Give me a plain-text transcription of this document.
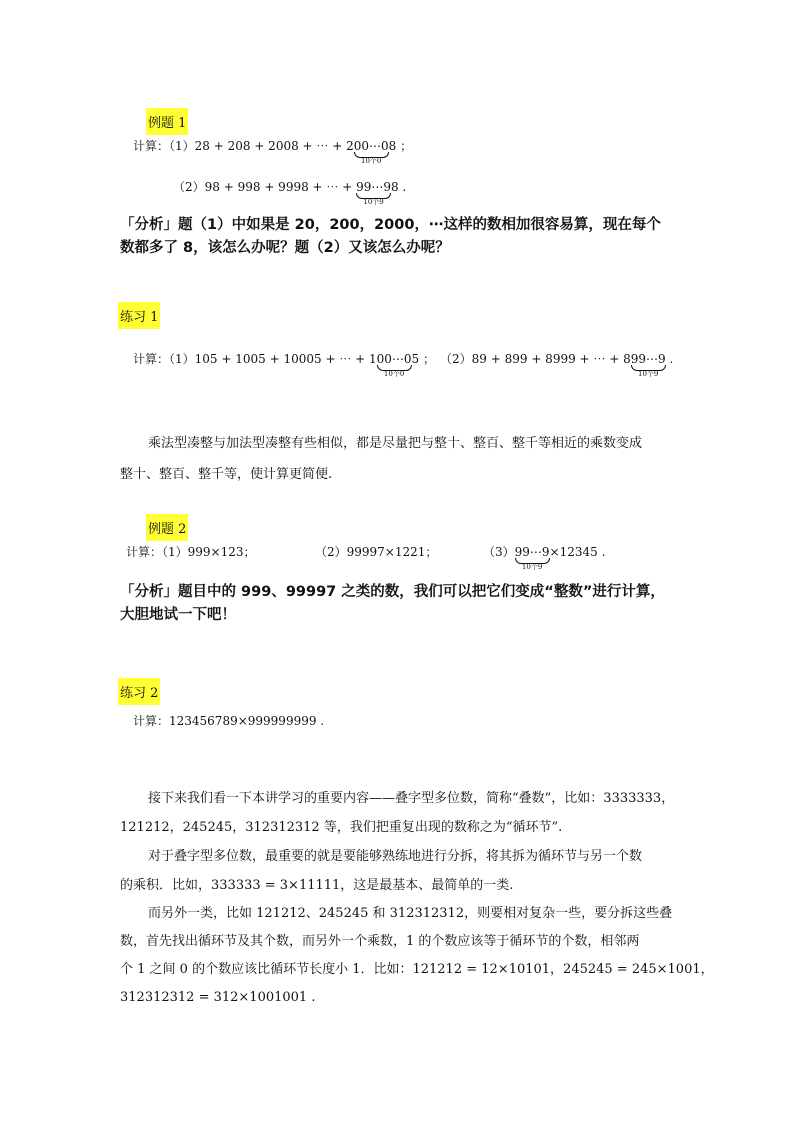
例题 1
计算：（1）28 + 208 + 2008 + ⋯ + 200⋯0
10个0
8 ；
（2）98 + 998 + 9998 + ⋯ + 99⋯9
10个9
8 .
「分析」题（1）中如果是 20，200，2000，⋯这样的数相加很容易算，现在每个
数都多了 8，该怎么办呢？题（2）又该怎么办呢？
练习 1
计算：（1）105 + 1005 + 10005 + ⋯ + 100⋯0
10个0
5 ； （2）89 + 899 + 8999 + ⋯ + 899⋯9
10个9
.
乘法型凑整与加法型凑整有些相似，都是尽量把与整十、整百、整千等相近的乘数变成
整十、整百、整千等，使计算更简便.
例题 2
计算：（1）999×123；	（2）99997×1221；	（3）99⋯9
10个9
×12345 .
「分析」题目中的 999、99997 之类的数，我们可以把它们变成“整数”进行计算，
大胆地试一下吧！
练习 2
计算：123456789×999999999 .
接下来我们看一下本讲学习的重要内容——叠字型多位数，简称“叠数”，比如：3333333，
121212，245245，312312312 等，我们把重复出现的数称之为“循环节”.
对于叠字型多位数，最重要的就是要能够熟练地进行分拆，将其拆为循环节与另一个数
的乘积．比如，333333 = 3×11111，这是最基本、最简单的一类.
而另外一类，比如 121212、245245 和 312312312，则要相对复杂一些，要分拆这些叠
数，首先找出循环节及其个数，而另外一个乘数，1 的个数应该等于循环节的个数，相邻两
个 1 之间 0 的个数应该比循环节长度小 1．比如：121212 = 12×10101，245245 = 245×1001，
312312312 = 312×1001001 .
